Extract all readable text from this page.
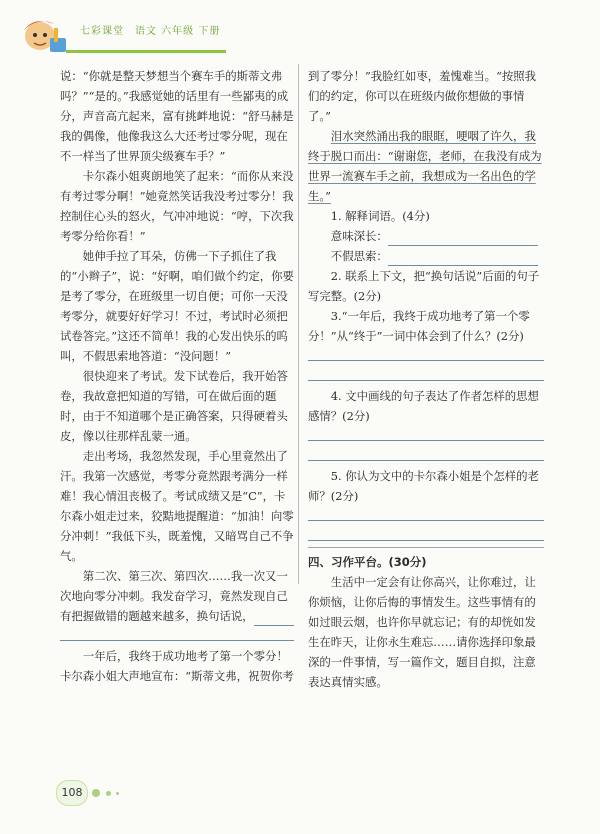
七彩课堂　语文 六年级 下册

说：“你就是整天梦想当个赛车手的斯蒂文弗吗？”“是的。”我感觉她的话里有一些鄙夷的成分，声音高亢起来，富有挑衅地说：“舒马赫是我的偶像，他像我这么大还考过零分呢，现在不一样当了世界顶尖级赛车手？”

卡尔森小姐爽朗地笑了起来：“而你从来没有考过零分啊！”她竟然笑话我没考过零分！我控制住心头的怒火，气冲冲地说：“哼，下次我考零分给你看！”

她伸手拉了耳朵，仿佛一下子抓住了我的“小辫子”，说：“好啊，咱们做个约定，你要是考了零分，在班级里一切自便；可你一天没考零分，就要好好学习！不过，考试时必须把试卷答完。”这还不简单！我的心发出快乐的呜叫，不假思索地答道：“没问题！”

很快迎来了考试。发下试卷后，我开始答卷，我故意把知道的写错，可在做后面的题时，由于不知道哪个是正确答案，只得硬着头皮，像以往那样乱蒙一通。

走出考场，我忽然发现，手心里竟然出了汗。我第一次感觉，考零分竟然跟考满分一样难！我心情沮丧极了。考试成绩又是“C”，卡尔森小姐走过来，狡黠地提醒道：“加油！向零分冲刺！”我低下头，既羞愧，又暗骂自己不争气。

第二次、第三次、第四次……我一次又一次地向零分冲刺。我发奋学习，竟然发现自己有把握做错的题越来越多，换句话说，

一年后，我终于成功地考了第一个零分！卡尔森小姐大声地宣布：“斯蒂文弗，祝贺你考

到了零分！”我脸红如枣，羞愧难当。“按照我们的约定，你可以在班级内做你想做的事情了。”

泪水突然涌出我的眼眶，哽咽了许久，我终于脱口而出：“谢谢您，老师，在我没有成为世界一流赛车手之前，我想成为一名出色的学生。”

1. 解释词语。(4分)

意味深长：

不假思索：

2. 联系上下文，把“换句话说”后面的句子写完整。(2分)

3.“一年后，我终于成功地考了第一个零分！”从“终于”一词中体会到了什么？(2分)

4. 文中画线的句子表达了作者怎样的思想感情？(2分)

5. 你认为文中的卡尔森小姐是个怎样的老师？(2分)

四、习作平台。(30分)

生活中一定会有让你高兴，让你难过，让你烦恼，让你后悔的事情发生。这些事情有的如过眼云烟，也许你早就忘记；有的却恍如发生在昨天，让你永生难忘……请你选择印象最深的一件事情，写一篇作文，题目自拟，注意表达真情实感。

108
